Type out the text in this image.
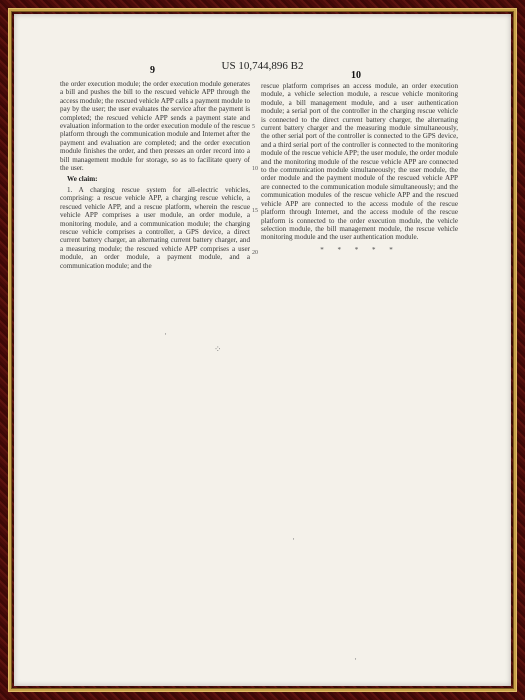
US 10,744,896 B2
9	10

the order execution module; the order execution module generates a bill and pushes the bill to the rescued vehicle APP through the access module; the rescued vehicle APP calls a payment module to pay by the user; the user evaluates the service after the payment is completed; the rescued vehicle APP sends a payment state and evaluation information to the order execution module of the rescue platform through the communication module and Internet after the payment and evaluation are completed; and the order execution module finishes the order, and then presses an order record into a bill management module for storage, so as to facilitate query of the user.

We claim:

1. A charging rescue system for all-electric vehicles, comprising: a rescue vehicle APP, a charging rescue vehicle, a rescued vehicle APP, and a rescue platform, wherein the rescue vehicle APP comprises a user module, an order module, a monitoring module, and a communication module; the charging rescue vehicle comprises a controller, a GPS device, a direct current battery charger, an alternating current battery charger, and a measuring module; the rescued vehicle APP comprises a user module, an order module, a payment module, and a communication module; and the

5
10
15
20

rescue platform comprises an access module, an order execution module, a vehicle selection module, a rescue vehicle monitoring module, a bill management module, and a user authentication module; a serial port of the controller in the charging rescue vehicle is connected to the direct current battery charger, the alternating current battery charger and the measuring module simultaneously, the other serial port of the controller is connected to the GPS device, and a third serial port of the controller is connected to the monitoring module of the rescue vehicle APP; the user module, the order module and the monitoring module of the rescue vehicle APP are connected to the communication module simultaneously; the user module, the order module and the payment module of the rescued vehicle APP are connected to the communication module simultaneously; and the communication modules of the rescue vehicle APP and the rescued vehicle APP are connected to the access module of the rescue platform through Internet, and the access module of the rescue platform is connected to the order execution module, the vehicle selection module, the bill management module, the rescue vehicle monitoring module and the user authentication module.

* * * * *
·
⁘
·
·
